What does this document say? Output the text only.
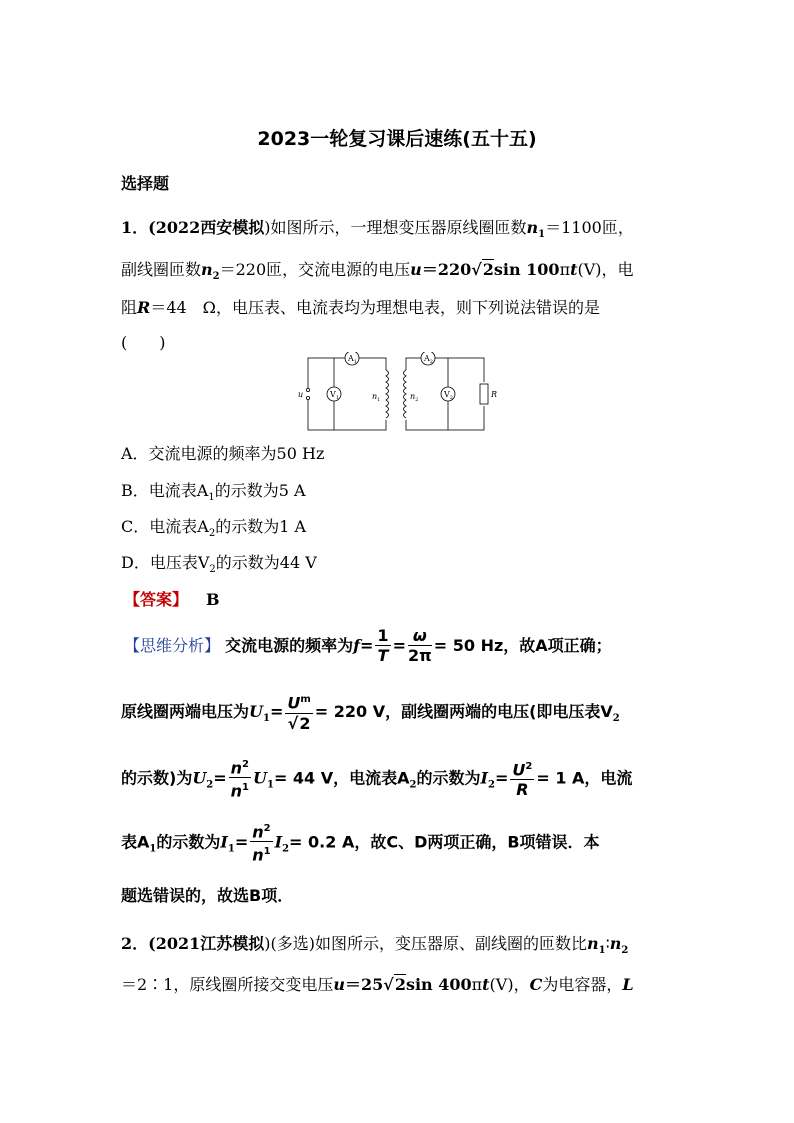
2023一轮复习课后速练(五十五)
选择题
1．(2022西安模拟)如图所示，一理想变压器原线圈匝数$n_1=1100$匝，
副线圈匝数$n_2=220$匝，交流电源的电压u＝220√2sin 100πt(V)，电
阻R＝44　Ω，电压表、电流表均为理想电表，则下列说法错误的是
(　　)
u
$A_1$
$V_1$
$A_2$
$V_2$
$n_1$	$n_2$
R
A．交流电源的频率为50 Hz
B．电流表$A_1$的示数为5 A
C．电流表$A_2$的示数为1 A
D．电压表$V_2$的示数为44 V
【答案】 B
【思维分析】 交流电源的频率为$f= \frac{1}{T} = \frac{\omega}{2\pi} = 50$ Hz，故A项正确；
原线圈两端电压为$U_1= \frac{U^m}{√2} = 220$ V，副线圈两端的电压(即电压表$V_2$
的示数)为$U_2= \frac{n^2}{n^1} U_1= 44$ V，电流表$A_2$的示数为$I_2= \frac{U^2}{R} = 1$ A，电流
表$A_1$的示数为$I_1= \frac{n^2}{n^1} I_2= 0.2$ A，故C、D两项正确，B项错误．本
题选错误的，故选B项．
2．(2021江苏模拟)(多选)如图所示，变压器原、副线圈的匝数比$n_1∶n_2$
＝2∶1，原线圈所接交变电压u＝25√2sin 400πt(V)，C为电容器，L
